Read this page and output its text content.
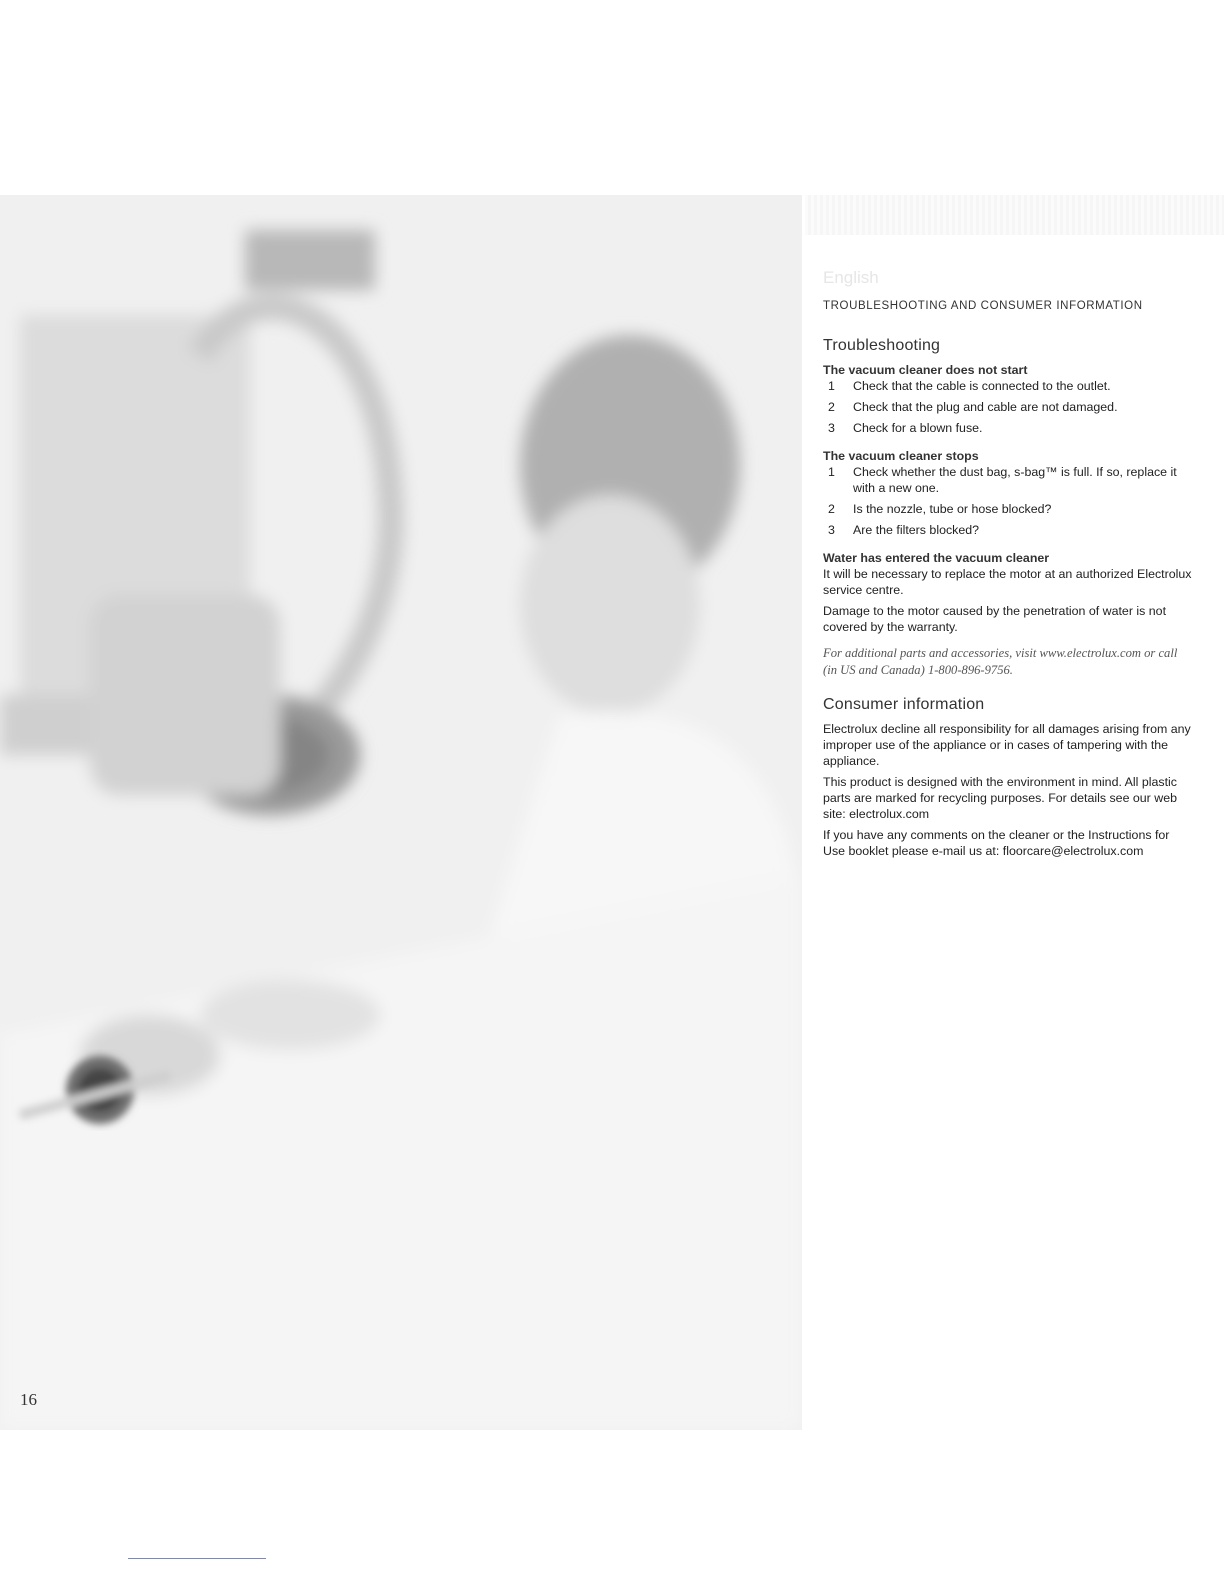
16
English
TROUBLESHOOTING AND CONSUMER INFORMATION
Troubleshooting
The vacuum cleaner does not start
1	Check that the cable is connected to the outlet.
2	Check that the plug and cable are not damaged.
3	Check for a blown fuse.
The vacuum cleaner stops
1	Check whether the dust bag, s-bag™ is full. If so, replace it with a new one.
2	Is the nozzle, tube or hose blocked?
3	Are the filters blocked?
Water has entered the vacuum cleaner

It will be necessary to replace the motor at an authorized Electrolux service centre.

Damage to the motor caused by the penetration of water is not covered by the warranty.

For additional parts and accessories, visit www.electrolux.com or call (in US and Canada) 1-800-896-9756.
Consumer information

Electrolux decline all responsibility for all damages arising from any improper use of the appliance or in cases of tampering with the appliance.

This product is designed with the environment in mind. All plastic parts are marked for recycling purposes. For details see our web site: electrolux.com

If you have any comments on the cleaner or the Instructions for Use booklet please e-mail us at: floorcare@electrolux.com
